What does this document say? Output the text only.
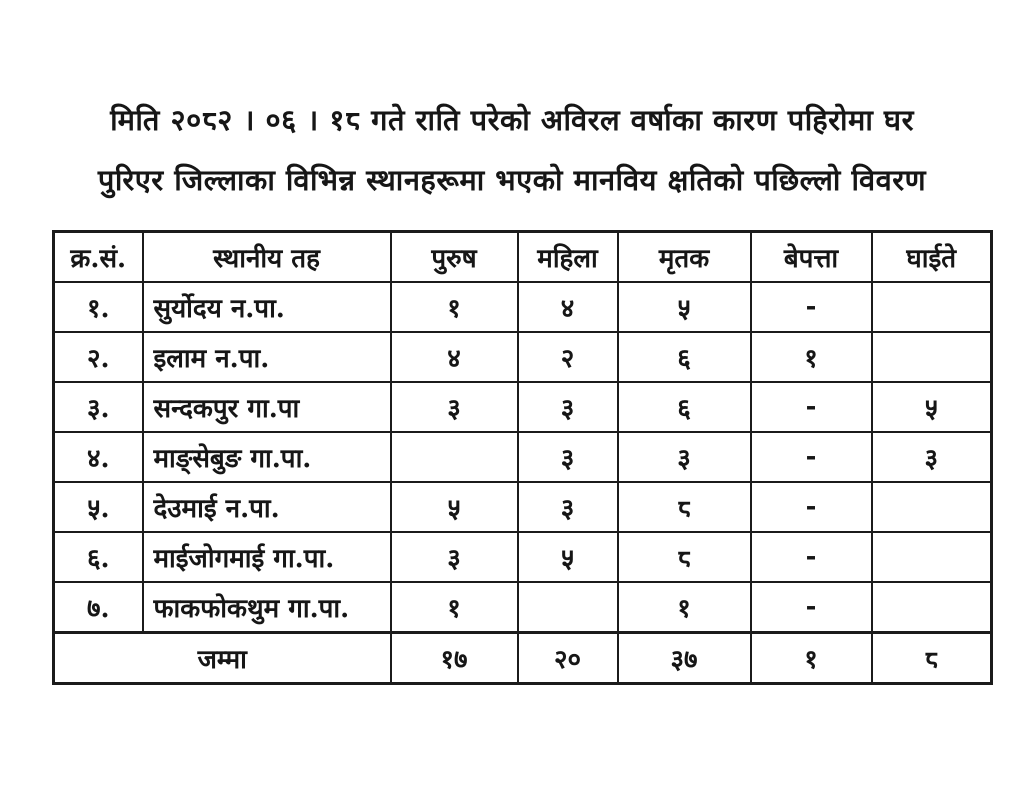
मिति २०८२ । ०६ । १८ गते राति परेको अविरल वर्षाका कारण पहिरोमा घर
पुरिएर जिल्लाका विभिन्न स्थानहरूमा भएको मानविय क्षतिको पछिल्लो विवरण
क्र.सं.	स्थानीय तह	पुरुष	महिला	मृतक	बेपत्ता	घाईते
१.	सुर्योदय न.पा.	१	४	५	-	
२.	इलाम न.पा.	४	२	६	१	
३.	सन्दकपुर गा.पा	३	३	६	-	५
४.	माङ्सेबुङ गा.पा.		३	३	-	३
५.	देउमाई न.पा.	५	३	८	-	
६.	माईजोगमाई गा.पा.	३	५	८	-	
७.	फाकफोकथुम गा.पा.	१		१	-	
जम्मा		१७	२०	३७	१	८
